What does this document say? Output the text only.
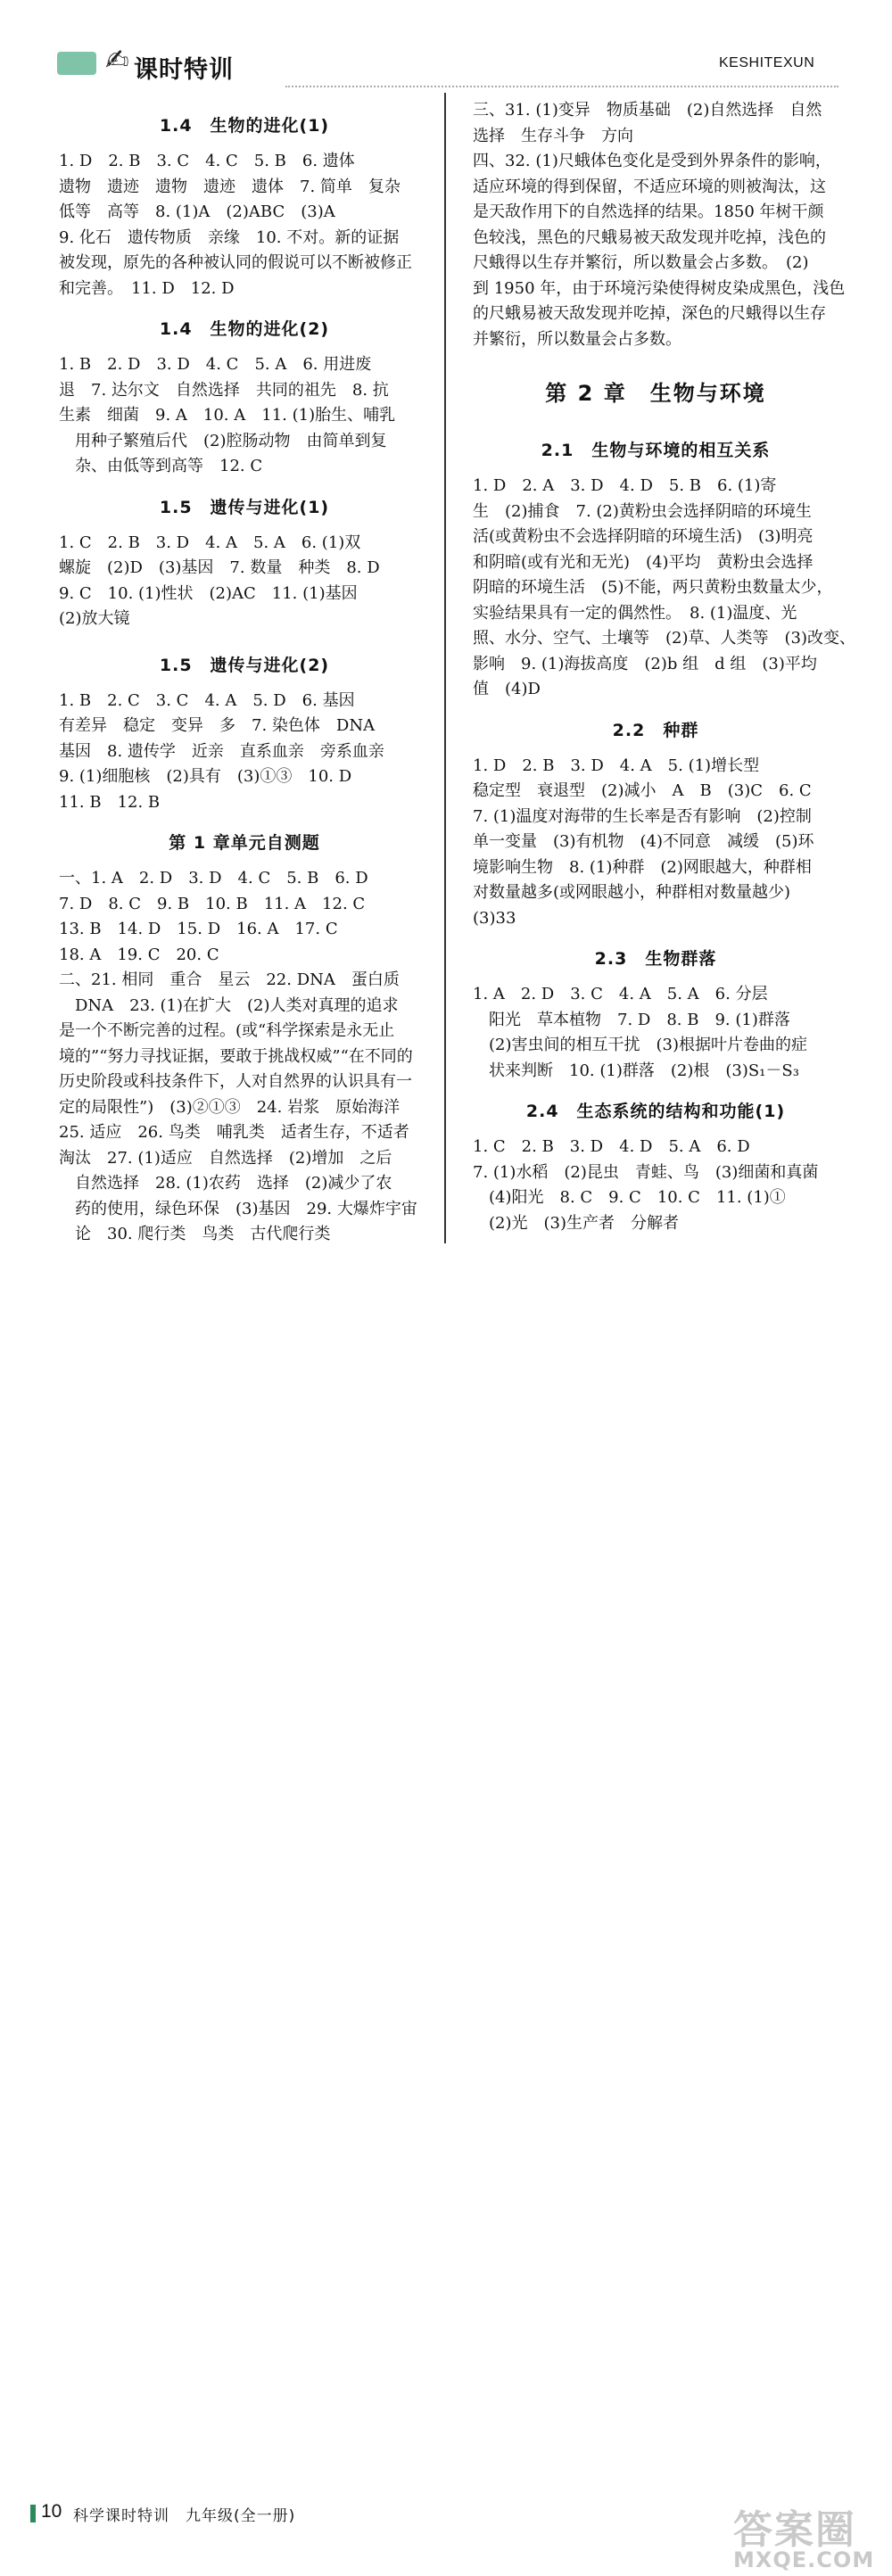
✍ 课时特训	KESHITEXUN
1.4　生物的进化(1)

1. D　2. B　3. C　4. C　5. B　6. 遗体

遗物　遗迹　遗物　遗迹　遗体　7. 简单　复杂

低等　高等　8. (1)A　(2)ABC　(3)A

9. 化石　遗传物质　亲缘　10. 不对。新的证据

被发现，原先的各种被认同的假说可以不断被修正

和完善。　11. D　12. D

1.4　生物的进化(2)

1. B　2. D　3. D　4. C　5. A　6. 用进废

退　7. 达尔文　自然选择　共同的祖先　8. 抗

生素　细菌　9. A　10. A　11. (1)胎生、哺乳

　用种子繁殖后代　(2)腔肠动物　由简单到复

　杂、由低等到高等　12. C

1.5　遗传与进化(1)

1. C　2. B　3. D　4. A　5. A　6. (1)双

螺旋　(2)D　(3)基因　7. 数量　种类　8. D

9. C　10. (1)性状　(2)AC　11. (1)基因

(2)放大镜

1.5　遗传与进化(2)

1. B　2. C　3. C　4. A　5. D　6. 基因

有差异　稳定　变异　多　7. 染色体　DNA

基因　8. 遗传学　近亲　直系血亲　旁系血亲

9. (1)细胞核　(2)具有　(3)①③　10. D

11. B　12. B

第 1 章单元自测题

一、1. A　2. D　3. D　4. C　5. B　6. D

7. D　8. C　9. B　10. B　11. A　12. C

13. B　14. D　15. D　16. A　17. C

18. A　19. C　20. C

二、21. 相同　重合　星云　22. DNA　蛋白质

　DNA　23. (1)在扩大　(2)人类对真理的追求

是一个不断完善的过程。(或“科学探索是永无止

境的”“努力寻找证据，要敢于挑战权威”“在不同的

历史阶段或科技条件下，人对自然界的认识具有一

定的局限性”)　(3)②①③　24. 岩浆　原始海洋

25. 适应　26. 鸟类　哺乳类　适者生存，不适者

淘汰　27. (1)适应　自然选择　(2)增加　之后

　自然选择　28. (1)农药　选择　(2)减少了农

　药的使用，绿色环保　(3)基因　29. 大爆炸宇宙

　论　30. 爬行类　鸟类　古代爬行类

三、31. (1)变异　物质基础　(2)自然选择　自然

选择　生存斗争　方向

四、32. (1)尺蛾体色变化是受到外界条件的影响，

适应环境的得到保留，不适应环境的则被淘汰，这

是天敌作用下的自然选择的结果。1850 年树干颜

色较浅，黑色的尺蛾易被天敌发现并吃掉，浅色的

尺蛾得以生存并繁衍，所以数量会占多数。　(2)

到 1950 年，由于环境污染使得树皮染成黑色，浅色

的尺蛾易被天敌发现并吃掉，深色的尺蛾得以生存

并繁衍，所以数量会占多数。

第 2 章　生物与环境
2.1　生物与环境的相互关系

1. D　2. A　3. D　4. D　5. B　6. (1)寄

生　(2)捕食　7. (2)黄粉虫会选择阴暗的环境生

活(或黄粉虫不会选择阴暗的环境生活)　(3)明亮

和阴暗(或有光和无光)　(4)平均　黄粉虫会选择

阴暗的环境生活　(5)不能，两只黄粉虫数量太少，

实验结果具有一定的偶然性。　8. (1)温度、光

照、水分、空气、土壤等　(2)草、人类等　(3)改变、

影响　9. (1)海拔高度　(2)b 组　d 组　(3)平均

值　(4)D

2.2　种群

1. D　2. B　3. D　4. A　5. (1)增长型

稳定型　衰退型　(2)减小　A　B　(3)C　6. C

7. (1)温度对海带的生长率是否有影响　(2)控制

单一变量　(3)有机物　(4)不同意　减缓　(5)环

境影响生物　8. (1)种群　(2)网眼越大，种群相

对数量越多(或网眼越小，种群相对数量越少)

(3)33

2.3　生物群落

1. A　2. D　3. C　4. A　5. A　6. 分层

　阳光　草本植物　7. D　8. B　9. (1)群落

　(2)害虫间的相互干扰　(3)根据叶片卷曲的症

　状来判断　10. (1)群落　(2)根　(3)S₁－S₃

2.4　生态系统的结构和功能(1)

1. C　2. B　3. D　4. D　5. A　6. D

7. (1)水稻　(2)昆虫　青蛙、鸟　(3)细菌和真菌

　(4)阳光　8. C　9. C　10. C　11. (1)①

　(2)光　(3)生产者　分解者

10 科学课时特训　九年级(全一册)	答案圈
MXQE.COM
